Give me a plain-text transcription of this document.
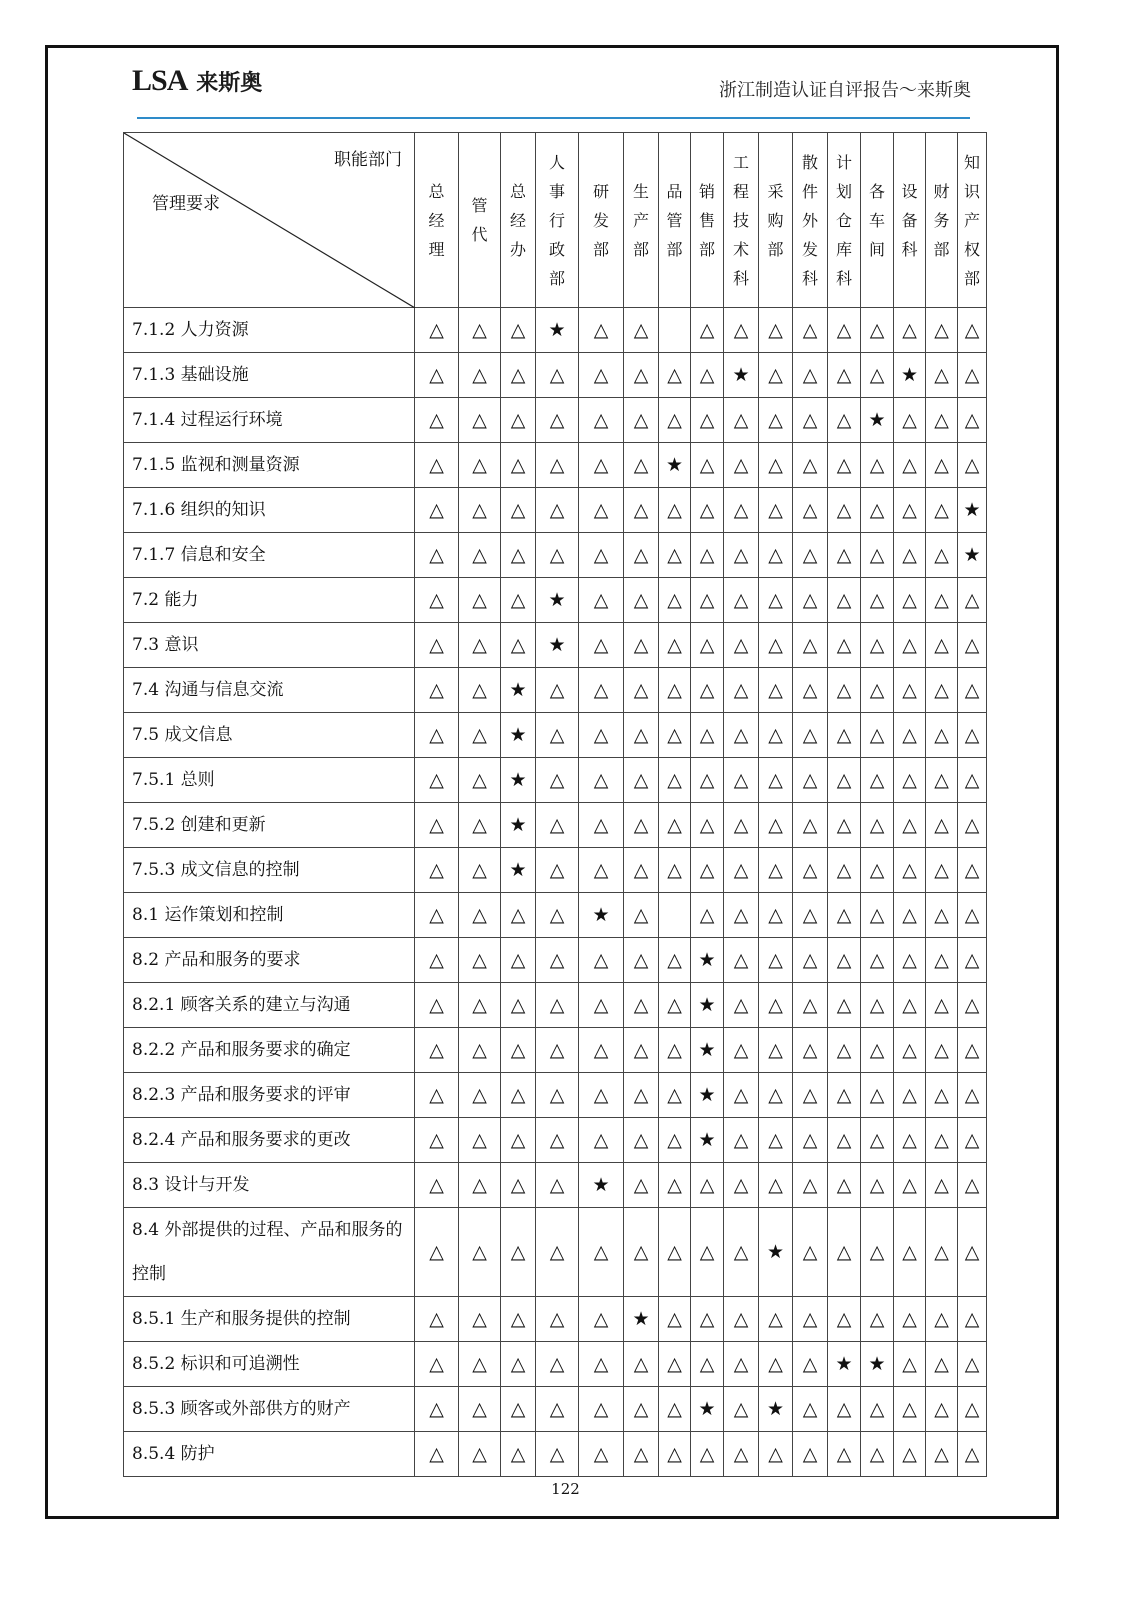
LSA 来斯奥	浙江制造认证自评报告～来斯奥
职能部门
管理要求	总经理	管代	总经办	人事行政部	研发部	生产部	品管部	销售部	工程技术科	采购部	散件外发科	计划仓库科	各车间	设备科	财务部	知识产权部
7.1.2 人力资源	△	△	△	★	△	△		△	△	△	△	△	△	△	△	△
7.1.3 基础设施	△	△	△	△	△	△	△	△	★	△	△	△	△	★	△	△
7.1.4 过程运行环境	△	△	△	△	△	△	△	△	△	△	△	△	★	△	△	△
7.1.5 监视和测量资源	△	△	△	△	△	△	★	△	△	△	△	△	△	△	△	△
7.1.6 组织的知识	△	△	△	△	△	△	△	△	△	△	△	△	△	△	△	★
7.1.7 信息和安全	△	△	△	△	△	△	△	△	△	△	△	△	△	△	△	★
7.2 能力	△	△	△	★	△	△	△	△	△	△	△	△	△	△	△	△
7.3 意识	△	△	△	★	△	△	△	△	△	△	△	△	△	△	△	△
7.4 沟通与信息交流	△	△	★	△	△	△	△	△	△	△	△	△	△	△	△	△
7.5 成文信息	△	△	★	△	△	△	△	△	△	△	△	△	△	△	△	△
7.5.1 总则	△	△	★	△	△	△	△	△	△	△	△	△	△	△	△	△
7.5.2 创建和更新	△	△	★	△	△	△	△	△	△	△	△	△	△	△	△	△
7.5.3 成文信息的控制	△	△	★	△	△	△	△	△	△	△	△	△	△	△	△	△
8.1 运作策划和控制	△	△	△	△	★	△		△	△	△	△	△	△	△	△	△
8.2 产品和服务的要求	△	△	△	△	△	△	△	★	△	△	△	△	△	△	△	△
8.2.1 顾客关系的建立与沟通	△	△	△	△	△	△	△	★	△	△	△	△	△	△	△	△
8.2.2 产品和服务要求的确定	△	△	△	△	△	△	△	★	△	△	△	△	△	△	△	△
8.2.3 产品和服务要求的评审	△	△	△	△	△	△	△	★	△	△	△	△	△	△	△	△
8.2.4 产品和服务要求的更改	△	△	△	△	△	△	△	★	△	△	△	△	△	△	△	△
8.3 设计与开发	△	△	△	△	★	△	△	△	△	△	△	△	△	△	△	△
8.4 外部提供的过程、产品和服务的控制	△	△	△	△	△	△	△	△	△	★	△	△	△	△	△	△
8.5.1 生产和服务提供的控制	△	△	△	△	△	★	△	△	△	△	△	△	△	△	△	△
8.5.2 标识和可追溯性	△	△	△	△	△	△	△	△	△	△	△	★	★	△	△	△
8.5.3 顾客或外部供方的财产	△	△	△	△	△	△	△	★	△	★	△	△	△	△	△	△
8.5.4 防护	△	△	△	△	△	△	△	△	△	△	△	△	△	△	△	△
122
